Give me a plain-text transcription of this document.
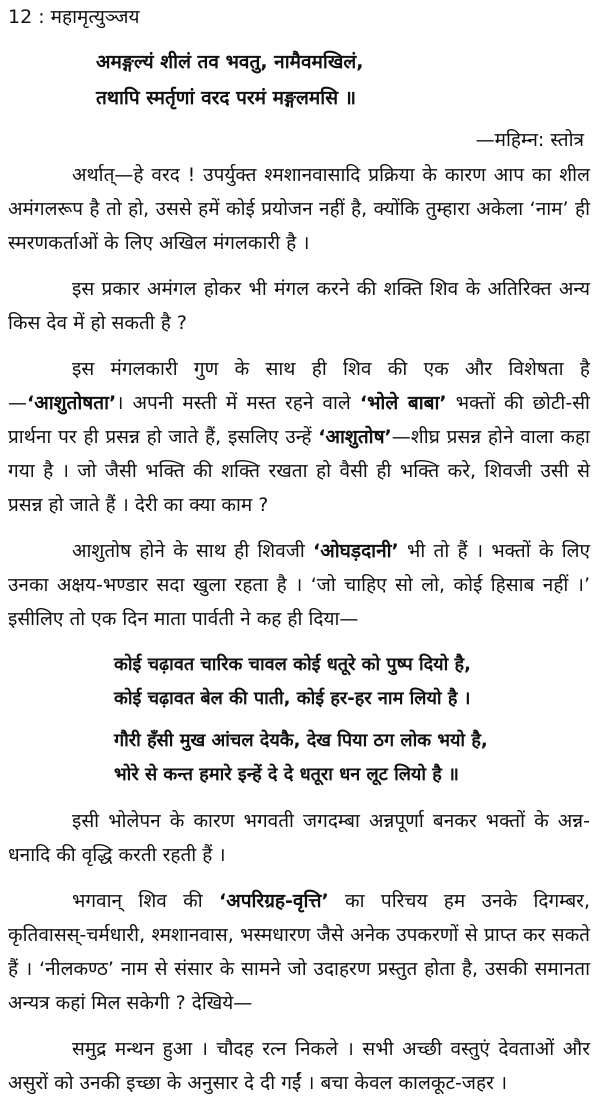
12 : महामृत्युञ्जय
अमङ्गल्यं शीलं तव भवतु, नामैवमखिलं,
तथापि स्मर्तृणां वरद परमं मङ्गलमसि ॥
—महिम्न: स्तोत्र

अर्थात्—हे वरद ! उपर्युक्त श्मशानवासादि प्रक्रिया के कारण आप का शील अमंगलरूप है तो हो, उससे हमें कोई प्रयोजन नहीं है, क्योंकि तुम्हारा अकेला ‘नाम’ ही स्मरणकर्ताओं के लिए अखिल मंगलकारी है ।

इस प्रकार अमंगल होकर भी मंगल करने की शक्ति शिव के अतिरिक्त अन्य किस देव में हो सकती है ?

इस मंगलकारी गुण के साथ ही शिव की एक और विशेषता है—‘आशुतोषता’। अपनी मस्ती में मस्त रहने वाले ‘भोले बाबा’ भक्तों की छोटी-सी प्रार्थना पर ही प्रसन्न हो जाते हैं, इसलिए उन्हें ‘आशुतोष’—शीघ्र प्रसन्न होने वाला कहा गया है । जो जैसी भक्ति की शक्ति रखता हो वैसी ही भक्ति करे, शिवजी उसी से प्रसन्न हो जाते हैं । देरी का क्या काम ?

आशुतोष होने के साथ ही शिवजी ‘ओघड़दानी’ भी तो हैं । भक्तों के लिए उनका अक्षय-भण्डार सदा खुला रहता है । ‘जो चाहिए सो लो, कोई हिसाब नहीं ।’ इसीलिए तो एक दिन माता पार्वती ने कह ही दिया—

कोई चढ़ावत चारिक चावल कोई धतूरे को पुष्प दियो है,
कोई चढ़ावत बेल की पाती, कोई हर-हर नाम लियो है ।
गौरी हँसी मुख आंचल देयकै, देख पिया ठग लोक भयो है,
भोरे से कन्त हमारे इन्हें दे दे धतूरा धन लूट लियो है ॥

इसी भोलेपन के कारण भगवती जगदम्बा अन्नपूर्णा बनकर भक्तों के अन्न-धनादि की वृद्धि करती रहती हैं ।

भगवान् शिव की ‘अपरिग्रह-वृत्ति’ का परिचय हम उनके दिगम्बर, कृतिवासस्-चर्मधारी, श्मशानवास, भस्मधारण जैसे अनेक उपकरणों से प्राप्त कर सकते हैं । ‘नीलकण्ठ’ नाम से संसार के सामने जो उदाहरण प्रस्तुत होता है, उसकी समानता अन्यत्र कहां मिल सकेगी ? देखिये—

समुद्र मन्थन हुआ । चौदह रत्न निकले । सभी अच्छी वस्तुएं देवताओं और असुरों को उनकी इच्छा के अनुसार दे दी गईं । बचा केवल कालकूट-जहर ।
